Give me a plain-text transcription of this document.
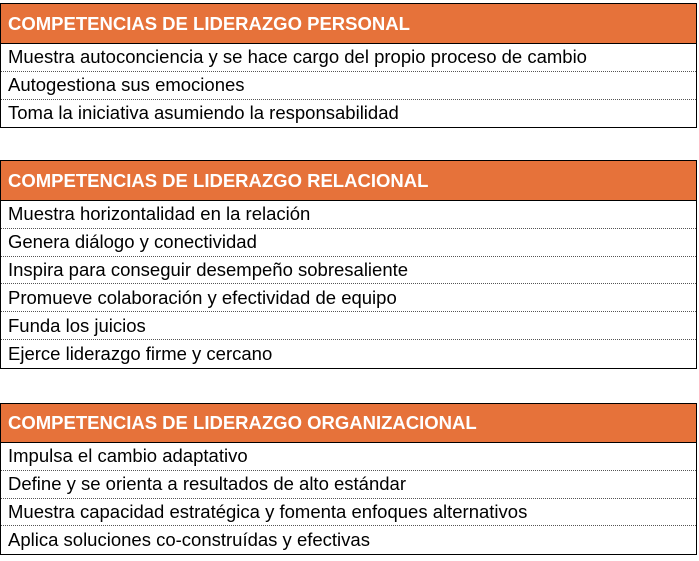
COMPETENCIAS DE LIDERAZGO PERSONAL
Muestra autoconciencia y se hace cargo del propio proceso de cambio
Autogestiona sus emociones
Toma la iniciativa asumiendo la responsabilidad
COMPETENCIAS DE LIDERAZGO RELACIONAL
Muestra horizontalidad en la relación
Genera diálogo y conectividad
Inspira para conseguir desempeño sobresaliente
Promueve colaboración y efectividad de equipo
Funda los juicios
Ejerce liderazgo firme y cercano
COMPETENCIAS DE LIDERAZGO ORGANIZACIONAL
Impulsa el cambio adaptativo
Define y se orienta a resultados de alto estándar
Muestra capacidad estratégica y fomenta enfoques alternativos
Aplica soluciones co-construídas y efectivas
